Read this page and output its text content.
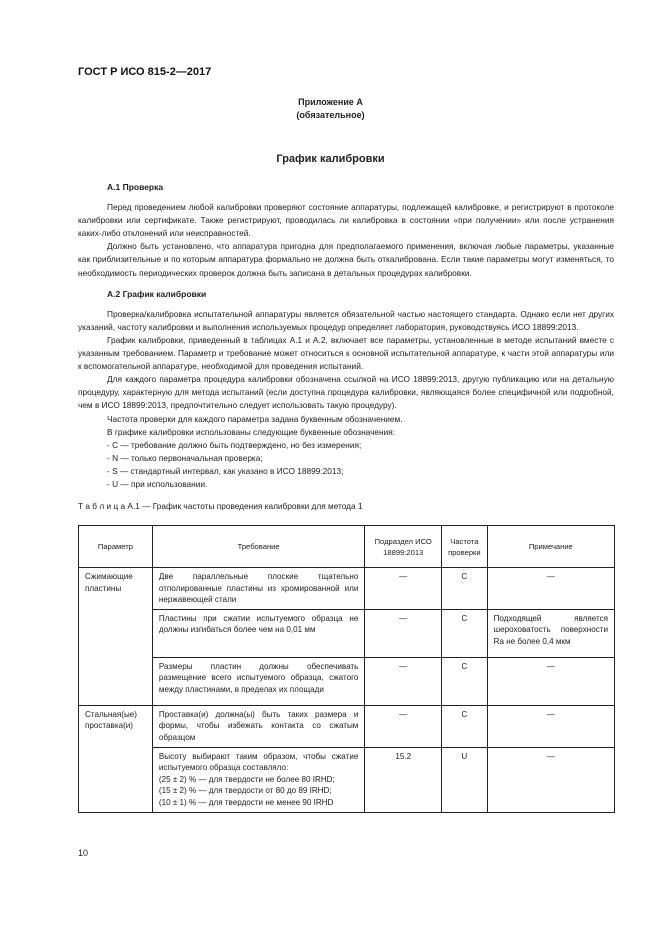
ГОСТ Р ИСО 815-2—2017
Приложение А
(обязательное)
График калибровки
А.1 Проверка

Перед проведением любой калибровки проверяют состояние аппаратуры, подлежащей калибровке, и регистрируют в протоколе калибровки или сертификате. Также регистрируют, проводилась ли калибровка в состоянии «при получении» или после устранения каких-либо отклонений или неисправностей.

Должно быть установлено, что аппаратура пригодна для предполагаемого применения, включая любые параметры, указанные как приблизительные и по которым аппаратура формально не должна быть откалибрована. Если такие параметры могут изменяться, то необходимость периодических проверок должна быть записана в детальных процедурах калибровки.

А.2 График калибровки

Проверка/калибровка испытательной аппаратуры является обязательной частью настоящего стандарта. Однако если нет других указаний, частоту калибровки и выполнения используемых процедур определяет лаборатория, руководствуясь ИСО 18899:2013.

График калибровки, приведенный в таблицах А.1 и А.2, включает все параметры, установленные в методе испытаний вместе с указанным требованием. Параметр и требование может относиться к основной испытательной аппаратуре, к части этой аппаратуры или к вспомогательной аппаратуре, необходимой для проведения испытаний.

Для каждого параметра процедура калибровки обозначена ссылкой на ИСО 18899:2013, другую публикацию или на детальную процедуру, характерную для метода испытаний (если доступна процедура калибровки, являющаяся более специфичной или подробной, чем в ИСО 18899:2013, предпочтительно следует использовать такую процедуру).

Частота проверки для каждого параметра задана буквенным обозначением.

В графике калибровки использованы следующие буквенные обозначения:

- С — требование должно быть подтверждено, но без измерения;

- N — только первоначальная проверка;

- S — стандартный интервал, как указано в ИСО 18899:2013;

- U — при использовании.

Т а б л и ц а А.1 — График частоты проведения калибровки для метода 1
Параметр	Требование	Подраздел ИСО 18899:2013	Частота проверки	Примечание
Сжимающие пластины	Две параллельные плоские тщательно отполированные пластины из хромированной или нержавеющей стали	—	С	—
	Пластины при сжатии испытуемого образца не должны изгибаться более чем на 0,01 мм	—	С	Подходящей является шероховатость поверхности Ra не более 0,4 мкм
	Размеры пластин должны обеспечивать размещение всего испытуемого образца, сжатого между пластинами, в пределах их площади	—	С	—
Стальная(ые) проставка(и)	Проставка(и) должна(ы) быть таких размера и формы, чтобы избежать контакта со сжатым образцом	—	С	—

	Высоту выбирают таким образом, чтобы сжатие испытуемого образца составляло:
(25 ± 2) % — для твердости не более 80 IRHD;
(15 ± 2) % — для твердости от 80 до 89 IRHD;
(10 ± 1) % — для твердости не менее 90 IRHD	15.2	U	—
10
